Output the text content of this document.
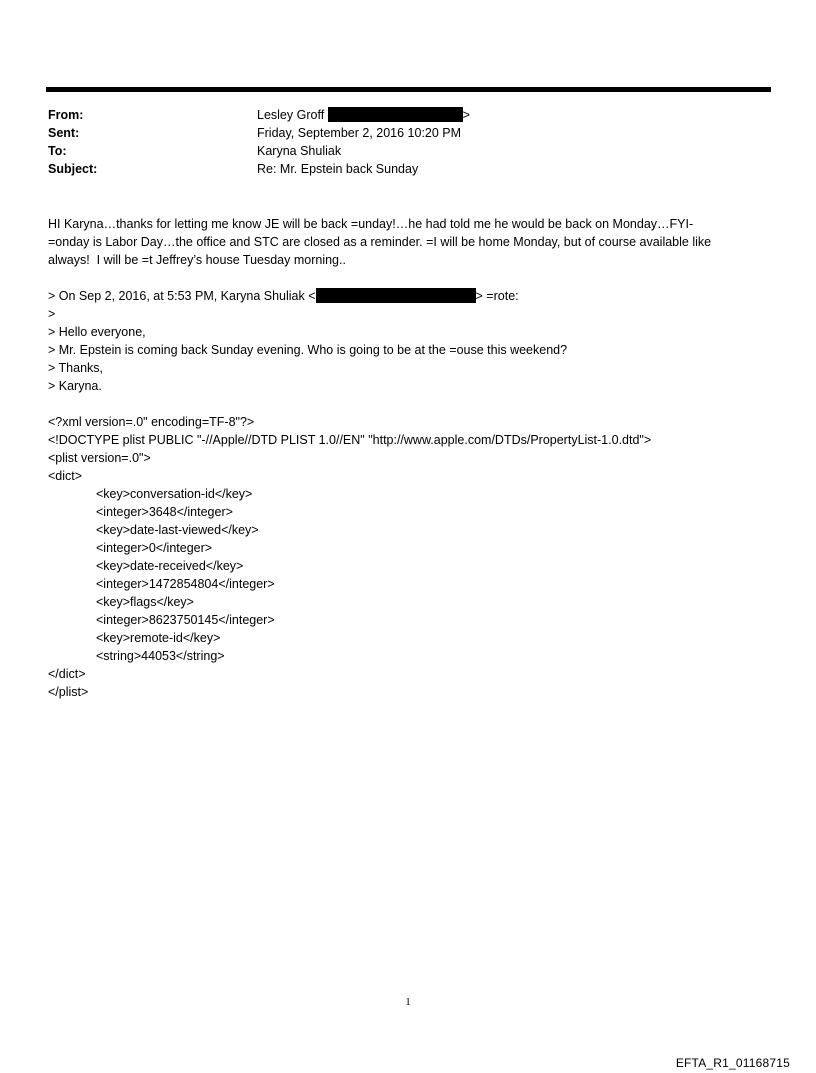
From:	Lesley Groff	>
Sent:	Friday, September 2, 2016 10:20 PM
To:	Karyna Shuliak
Subject:	Re: Mr. Epstein back Sunday
HI Karyna…thanks for letting me know JE will be back =unday!…he had told me he would be back on Monday…FYI-
=onday is Labor Day…the office and STC are closed as a reminder. =I will be home Monday, but of course available like
always!  I will be =t Jeffrey’s house Tuesday morning..
> On Sep 2, 2016, at 5:53 PM, Karyna Shuliak <	> =rote:
>
> Hello everyone,
> Mr. Epstein is coming back Sunday evening. Who is going to be at the =ouse this weekend?
> Thanks,
> Karyna.
<?xml version=.0" encoding=TF-8"?>
<!DOCTYPE plist PUBLIC "-//Apple//DTD PLIST 1.0//EN" "http://www.apple.com/DTDs/PropertyList-1.0.dtd">
<plist version=.0">
<dict>
<key>conversation-id</key>
<integer>3648</integer>
<key>date-last-viewed</key>
<integer>0</integer>
<key>date-received</key>
<integer>1472854804</integer>
<key>flags</key>
<integer>8623750145</integer>
<key>remote-id</key>
<string>44053</string>
</dict>
</plist>
1
EFTA_R1_01168715
